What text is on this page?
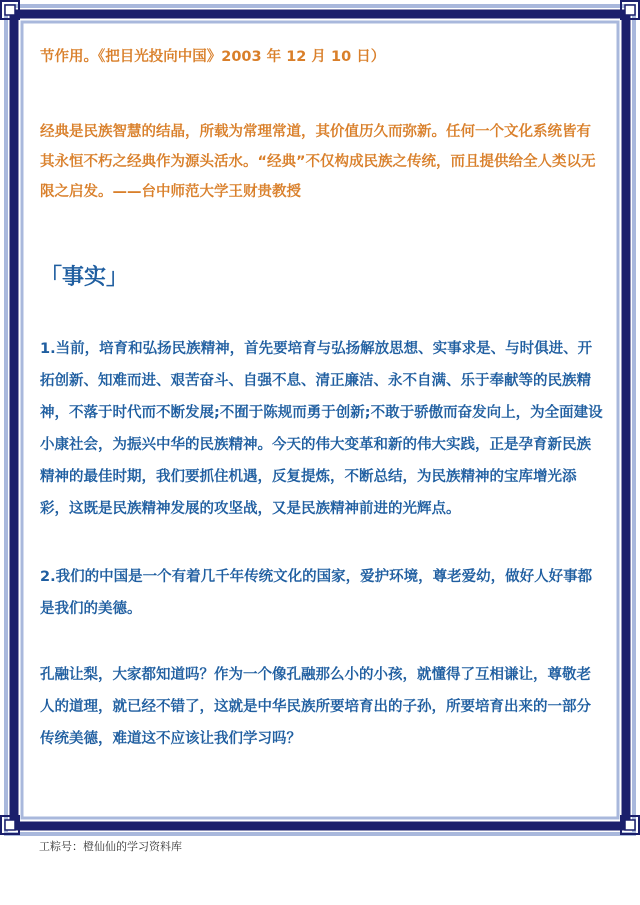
节作用。《把目光投向中国》2003 年 12 月 10 日）

经典是民族智慧的结晶，所载为常理常道，其价值历久而弥新。任何一个文化系统皆有其永恒不朽之经典作为源头活水。“经典”不仅构成民族之传统，而且提供给全人类以无限之启发。——台中师范大学王财贵教授

「事实」

1.当前，培育和弘扬民族精神，首先要培育与弘扬解放思想、实事求是、与时俱进、开拓创新、知难而进、艰苦奋斗、自强不息、清正廉洁、永不自满、乐于奉献等的民族精神，不落于时代而不断发展;不囿于陈规而勇于创新;不敢于骄傲而奋发向上，为全面建设小康社会，为振兴中华的民族精神。今天的伟大变革和新的伟大实践，正是孕育新民族精神的最佳时期，我们要抓住机遇，反复提炼，不断总结，为民族精神的宝库增光添彩，这既是民族精神发展的攻坚战，又是民族精神前进的光辉点。

2.我们的中国是一个有着几千年传统文化的国家，爱护环境，尊老爱幼，做好人好事都是我们的美德。

孔融让梨，大家都知道吗？作为一个像孔融那么小的小孩，就懂得了互相谦让，尊敬老人的道理，就已经不错了，这就是中华民族所要培育出的子孙，所要培育出来的一部分传统美德，难道这不应该让我们学习吗？

工粽号：橙仙仙的学习资料库
